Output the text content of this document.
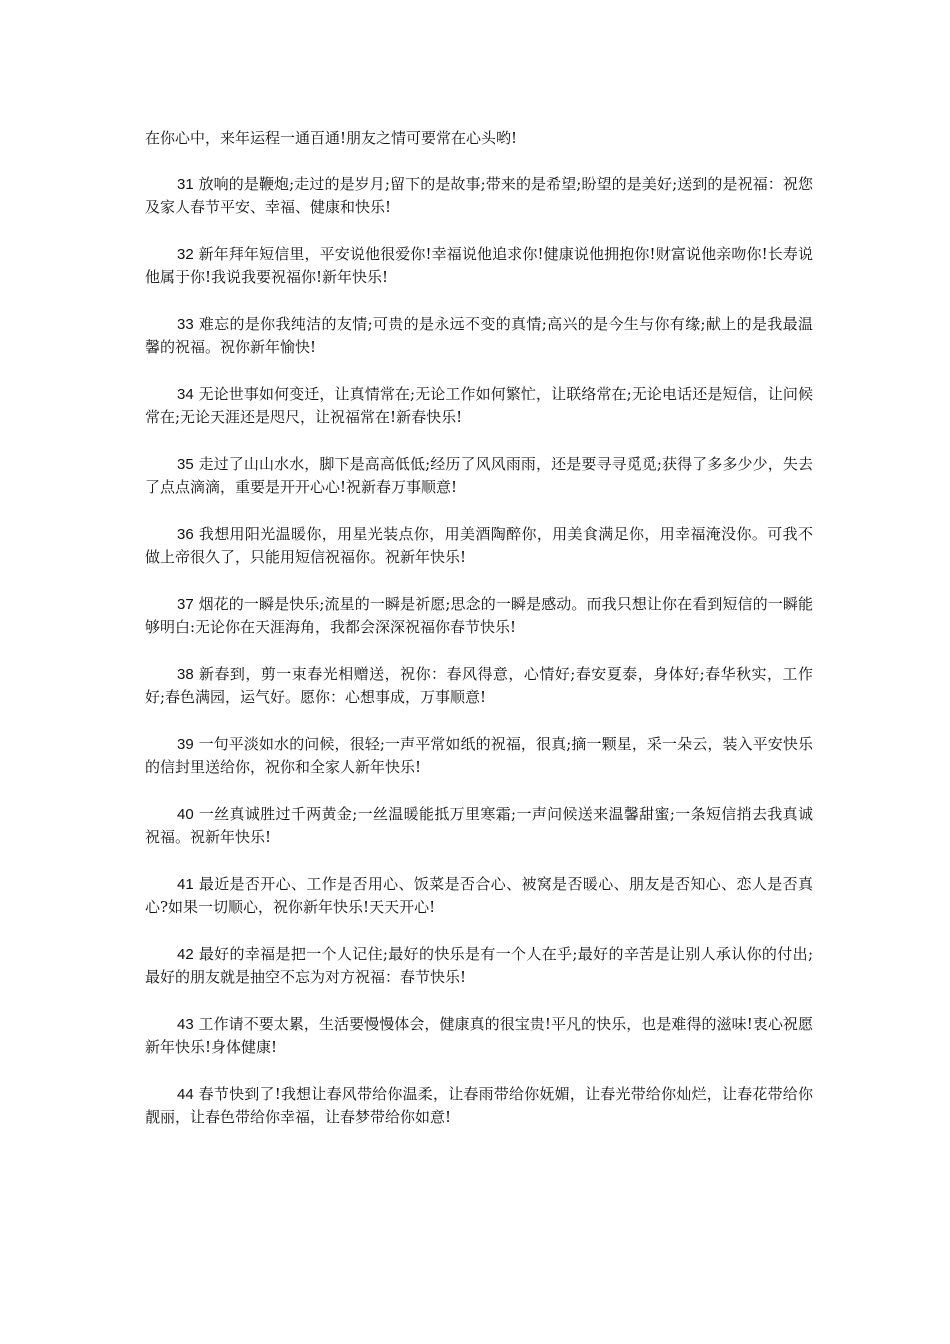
在你心中，来年运程一通百通!朋友之情可要常在心头哟!

31 放响的是鞭炮;走过的是岁月;留下的是故事;带来的是希望;盼望的是美好;送到的是祝福：祝您及家人春节平安、幸福、健康和快乐!

32 新年拜年短信里，平安说他很爱你!幸福说他追求你!健康说他拥抱你!财富说他亲吻你!长寿说他属于你!我说我要祝福你!新年快乐!

33 难忘的是你我纯洁的友情;可贵的是永远不变的真情;高兴的是今生与你有缘;献上的是我最温馨的祝福。祝你新年愉快!

34 无论世事如何变迁，让真情常在;无论工作如何繁忙，让联络常在;无论电话还是短信，让问候常在;无论天涯还是咫尺，让祝福常在!新春快乐!

35 走过了山山水水，脚下是高高低低;经历了风风雨雨，还是要寻寻觅觅;获得了多多少少，失去了点点滴滴，重要是开开心心!祝新春万事顺意!

36 我想用阳光温暖你，用星光装点你，用美酒陶醉你，用美食满足你，用幸福淹没你。可我不做上帝很久了，只能用短信祝福你。祝新年快乐!

37 烟花的一瞬是快乐;流星的一瞬是祈愿;思念的一瞬是感动。而我只想让你在看到短信的一瞬能够明白:无论你在天涯海角，我都会深深祝福你春节快乐!

38 新春到，剪一束春光相赠送，祝你：春风得意，心情好;春安夏泰，身体好;春华秋实，工作好;春色满园，运气好。愿你：心想事成，万事顺意!

39 一句平淡如水的问候，很轻;一声平常如纸的祝福，很真;摘一颗星，采一朵云，装入平安快乐的信封里送给你，祝你和全家人新年快乐!

40 一丝真诚胜过千两黄金;一丝温暖能抵万里寒霜;一声问候送来温馨甜蜜;一条短信捎去我真诚祝福。祝新年快乐!

41 最近是否开心、工作是否用心、饭菜是否合心、被窝是否暖心、朋友是否知心、恋人是否真心?如果一切顺心，祝你新年快乐!天天开心!

42 最好的幸福是把一个人记住;最好的快乐是有一个人在乎;最好的辛苦是让别人承认你的付出;最好的朋友就是抽空不忘为对方祝福：春节快乐!

43 工作请不要太累，生活要慢慢体会，健康真的很宝贵!平凡的快乐，也是难得的滋味!衷心祝愿新年快乐!身体健康!

44 春节快到了!我想让春风带给你温柔，让春雨带给你妩媚，让春光带给你灿烂，让春花带给你靓丽，让春色带给你幸福，让春梦带给你如意!
